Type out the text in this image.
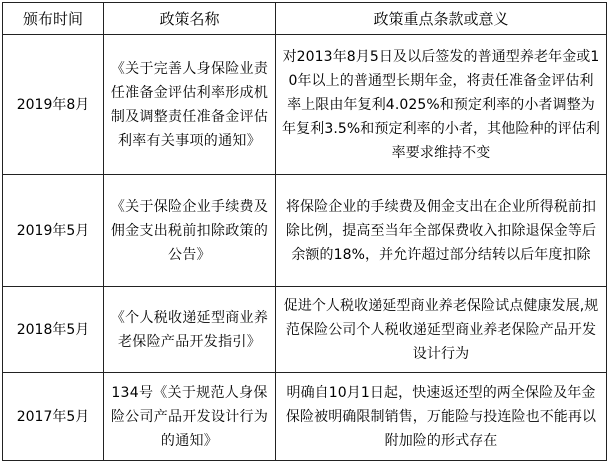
颁布时间	政策名称	政策重点条款或意义
2019年8月	《关于完善人身保险业责任准备金评估利率形成机制及调整责任准备金评估利率有关事项的通知》	对2013年8月5日及以后签发的普通型养老年金或10年以上的普通型长期年金，将责任准备金评估利率上限由年复利4.025%和预定利率的小者调整为年复利3.5%和预定利率的小者，其他险种的评估利率要求维持不变
2019年5月	《关于保险企业手续费及佣金支出税前扣除政策的公告》	将保险企业的手续费及佣金支出在企业所得税前扣除比例，提高至当年全部保费收入扣除退保金等后余额的18%，并允许超过部分结转以后年度扣除
2018年5月	《个人税收递延型商业养老保险产品开发指引》	促进个人税收递延型商业养老保险试点健康发展,规范保险公司个人税收递延型商业养老保险产品开发设计行为
2017年5月	134号《关于规范人身保险公司产品开发设计行为的通知》	明确自10月1日起，快速返还型的两全保险及年金保险被明确限制销售，万能险与投连险也不能再以附加险的形式存在
